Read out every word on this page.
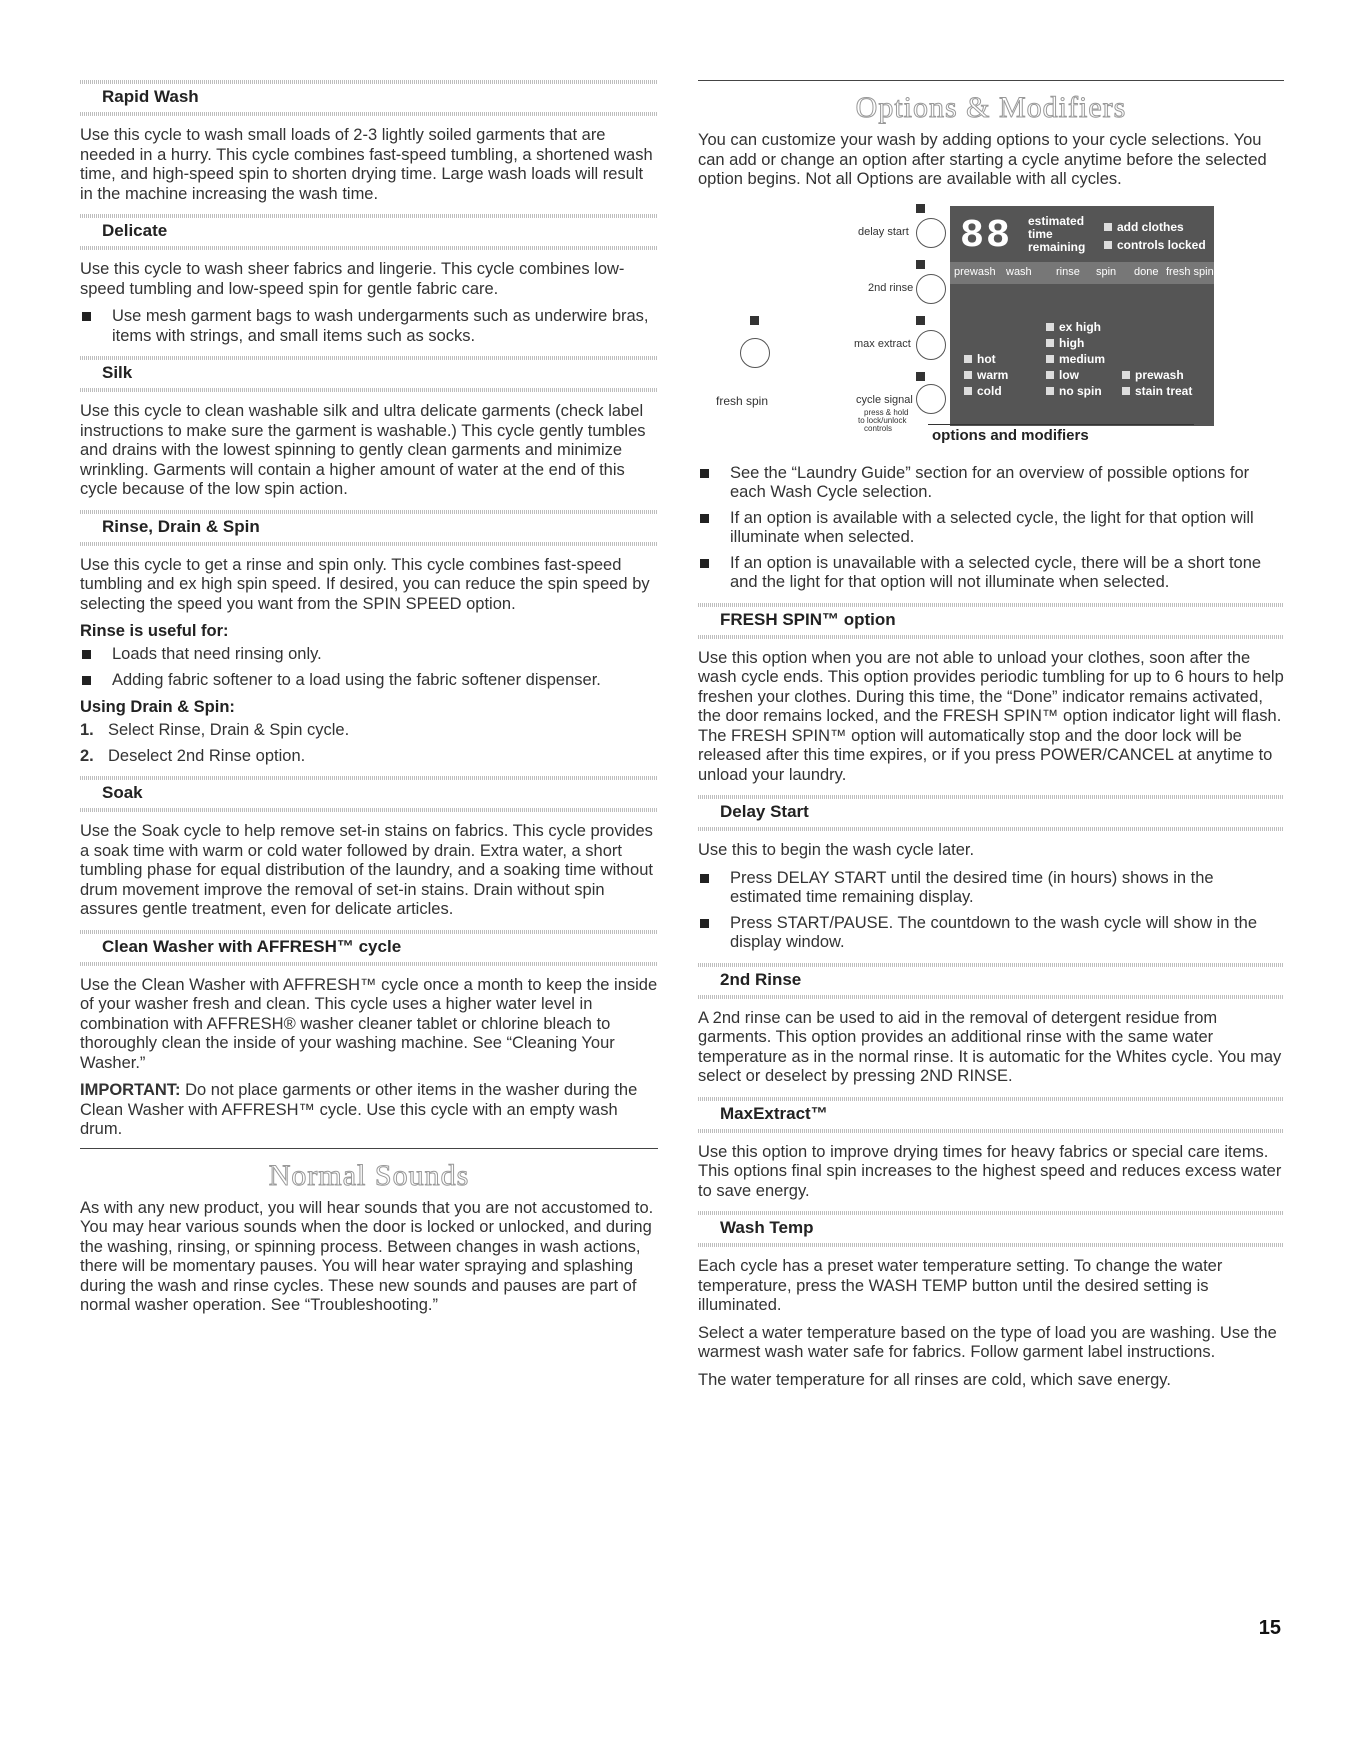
Rapid Wash

Use this cycle to wash small loads of 2-3 lightly soiled garments that are needed in a hurry. This cycle combines fast-speed tumbling, a shortened wash time, and high-speed spin to shorten drying time. Large wash loads will result in the machine increasing the wash time.

Delicate

Use this cycle to wash sheer fabrics and lingerie. This cycle combines low-speed tumbling and low-speed spin for gentle fabric care.

Use mesh garment bags to wash undergarments such as underwire bras, items with strings, and small items such as socks.
Silk

Use this cycle to clean washable silk and ultra delicate garments (check label instructions to make sure the garment is washable.) This cycle gently tumbles and drains with the lowest spinning to gently clean garments and minimize wrinkling. Garments will contain a higher amount of water at the end of this cycle because of the low spin action.

Rinse, Drain & Spin

Use this cycle to get a rinse and spin only. This cycle combines fast-speed tumbling and ex high spin speed. If desired, you can reduce the spin speed by selecting the speed you want from the SPIN SPEED option.

Rinse is useful for:
Loads that need rinsing only.
Adding fabric softener to a load using the fabric softener dispenser.
Using Drain & Spin:
1. Select Rinse, Drain & Spin cycle.
2. Deselect 2nd Rinse option.
Soak

Use the Soak cycle to help remove set-in stains on fabrics. This cycle provides a soak time with warm or cold water followed by drain. Extra water, a short tumbling phase for equal distribution of the laundry, and a soaking time without drum movement improve the removal of set-in stains. Drain without spin assures gentle treatment, even for delicate articles.

Clean Washer with AFFRESH™ cycle

Use the Clean Washer with AFFRESH™ cycle once a month to keep the inside of your washer fresh and clean. This cycle uses a higher water level in combination with AFFRESH® washer cleaner tablet or chlorine bleach to thoroughly clean the inside of your washing machine. See “Cleaning Your Washer.”

IMPORTANT: Do not place garments or other items in the washer during the Clean Washer with AFFRESH™ cycle. Use this cycle with an empty wash drum.

Normal Sounds

As with any new product, you will hear sounds that you are not accustomed to. You may hear various sounds when the door is locked or unlocked, and during the washing, rinsing, or spinning process. Between changes in wash actions, there will be momentary pauses. You will hear water spraying and splashing during the wash and rinse cycles. These new sounds and pauses are part of normal washer operation. See “Troubleshooting.”

Options & Modifiers

You can customize your wash by adding options to your cycle selections. You can add or change an option after starting a cycle anytime before the selected option begins. Not all Options are available with all cycles.

delay start
2nd rinse
max extract
fresh spin	cycle signal
press & hold
to lock/unlock
controls
88 estimated
time
remaining
add clothes
controls locked
prewash wash rinse spin done fresh spin
ex high
high
hot	medium
warm	low	prewash
cold	no spin	stain treat
options and modifiers
See the “Laundry Guide” section for an overview of possible options for each Wash Cycle selection.
If an option is available with a selected cycle, the light for that option will illuminate when selected.
If an option is unavailable with a selected cycle, there will be a short tone and the light for that option will not illuminate when selected.
FRESH SPIN™ option

Use this option when you are not able to unload your clothes, soon after the wash cycle ends. This option provides periodic tumbling for up to 6 hours to help freshen your clothes. During this time, the “Done” indicator remains activated, the door remains locked, and the FRESH SPIN™ option indicator light will flash. The FRESH SPIN™ option will automatically stop and the door lock will be released after this time expires, or if you press POWER/CANCEL at anytime to unload your laundry.

Delay Start

Use this to begin the wash cycle later.

Press DELAY START until the desired time (in hours) shows in the estimated time remaining display.
Press START/PAUSE. The countdown to the wash cycle will show in the display window.
2nd Rinse

A 2nd rinse can be used to aid in the removal of detergent residue from garments. This option provides an additional rinse with the same water temperature as in the normal rinse. It is automatic for the Whites cycle. You may select or deselect by pressing 2ND RINSE.

MaxExtract™

Use this option to improve drying times for heavy fabrics or special care items. This options final spin increases to the highest speed and reduces excess water to save energy.

Wash Temp

Each cycle has a preset water temperature setting. To change the water temperature, press the WASH TEMP button until the desired setting is illuminated.

Select a water temperature based on the type of load you are washing. Use the warmest wash water safe for fabrics. Follow garment label instructions.

The water temperature for all rinses are cold, which save energy.

15
